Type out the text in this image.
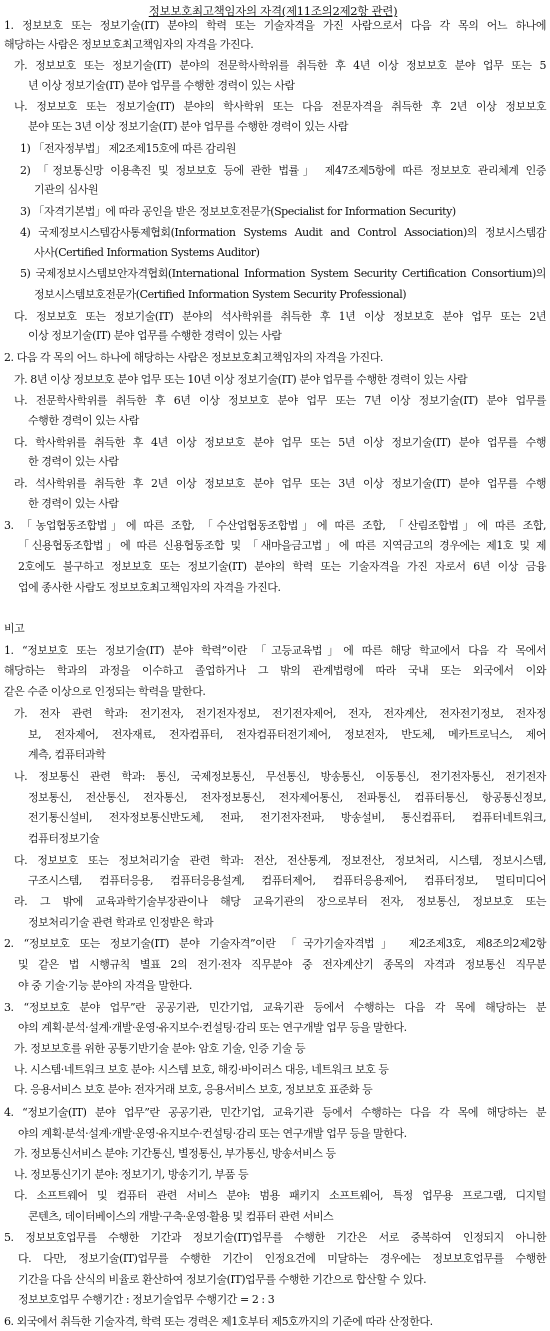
정보보호최고책임자의 자격(제11조의2제2항 관련)
1. 정보보호 또는 정보기술(IT) 분야의 학력 또는 기술자격을 가진 사람으로서 다음 각 목의 어느 하나에
해당하는 사람은 정보보호최고책임자의 자격을 가진다.
가. 정보보호 또는 정보기술(IT) 분야의 전문학사학위를 취득한 후 4년 이상 정보보호 분야 업무 또는 5
년 이상 정보기술(IT) 분야 업무를 수행한 경력이 있는 사람
나. 정보보호 또는 정보기술(IT) 분야의 학사학위 또는 다음 전문자격을 취득한 후 2년 이상 정보보호
분야 또는 3년 이상 정보기술(IT) 분야 업무를 수행한 경력이 있는 사람
1) 「전자정부법」 제2조제15호에 따른 감리원
2) 「정보통신망 이용촉진 및 정보보호 등에 관한 법률」 제47조제5항에 따른 정보보호 관리체계 인증
기관의 심사원
3) 「자격기본법」에 따라 공인을 받은 정보보호전문가(Specialist for Information Security)
4) 국제정보시스템감사통제협회(Information Systems Audit and Control Association)의 정보시스템감
사사(Certified Information Systems Auditor)
5) 국제정보시스템보안자격협회(International Information System Security Certification Consortium)의
정보시스템보호전문가(Certified Information System Security Professional)
다. 정보보호 또는 정보기술(IT) 분야의 석사학위를 취득한 후 1년 이상 정보보호 분야 업무 또는 2년
이상 정보기술(IT) 분야 업무를 수행한 경력이 있는 사람
2. 다음 각 목의 어느 하나에 해당하는 사람은 정보보호최고책임자의 자격을 가진다.
가. 8년 이상 정보보호 분야 업무 또는 10년 이상 정보기술(IT) 분야 업무를 수행한 경력이 있는 사람
나. 전문학사학위를 취득한 후 6년 이상 정보보호 분야 업무 또는 7년 이상 정보기술(IT) 분야 업무를
수행한 경력이 있는 사람
다. 학사학위를 취득한 후 4년 이상 정보보호 분야 업무 또는 5년 이상 정보기술(IT) 분야 업무를 수행
한 경력이 있는 사람
라. 석사학위를 취득한 후 2년 이상 정보보호 분야 업무 또는 3년 이상 정보기술(IT) 분야 업무를 수행
한 경력이 있는 사람
3. 「농업협동조합법」에 따른 조합, 「수산업협동조합법」에 따른 조합, 「산림조합법」에 따른 조합,
「신용협동조합법」에 따른 신용협동조합 및 「새마을금고법」에 따른 지역금고의 경우에는 제1호 및 제
2호에도 불구하고 정보보호 또는 정보기술(IT) 분야의 학력 또는 기술자격을 가진 자로서 6년 이상 금융
업에 종사한 사람도 정보보호최고책임자의 자격을 가진다.
비고
1. “정보보호 또는 정보기술(IT) 분야 학력”이란 「고등교육법」에 따른 해당 학교에서 다음 각 목에서
해당하는 학과의 과정을 이수하고 졸업하거나 그 밖의 관계법령에 따라 국내 또는 외국에서 이와
같은 수준 이상으로 인정되는 학력을 말한다.
가. 전자 관련 학과: 전기전자, 전기전자정보, 전기전자제어, 전자, 전자계산, 전자전기정보, 전자정
보, 전자제어, 전자재료, 전자컴퓨터, 전자컴퓨터전기제어, 정보전자, 반도체, 메카트로닉스, 제어
계측, 컴퓨터과학
나. 정보통신 관련 학과: 통신, 국제정보통신, 무선통신, 방송통신, 이동통신, 전기전자통신, 전기전자
정보통신, 전산통신, 전자통신, 전자정보통신, 전자제어통신, 전파통신, 컴퓨터통신, 항공통신정보,
전기통신설비, 전자정보통신반도체, 전파, 전기전자전파, 방송설비, 통신컴퓨터, 컴퓨터네트워크,
컴퓨터정보기술
다. 정보보호 또는 정보처리기술 관련 학과: 전산, 전산통계, 정보전산, 정보처리, 시스템, 정보시스템,
구조시스템, 컴퓨터응용, 컴퓨터응용설계, 컴퓨터제어, 컴퓨터응용제어, 컴퓨터정보, 멀티미디어
라. 그 밖에 교육과학기술부장관이나 해당 교육기관의 장으로부터 전자, 정보통신, 정보보호 또는
정보처리기술 관련 학과로 인정받은 학과
2. “정보보호 또는 정보기술(IT) 분야 기술자격”이란 「국가기술자격법」 제2조제3호, 제8조의2제2항
및 같은 법 시행규칙 별표 2의 전기·전자 직무분야 중 전자계산기 종목의 자격과 정보통신 직무분
야 중 기술·기능 분야의 자격을 말한다.
3. “정보보호 분야 업무”란 공공기관, 민간기업, 교육기관 등에서 수행하는 다음 각 목에 해당하는 분
야의 계획·분석·설계·개발·운영·유지보수·컨설팅·감리 또는 연구개발 업무 등을 말한다.
가. 정보보호를 위한 공통기반기술 분야: 암호 기술, 인증 기술 등
나. 시스템·네트워크 보호 분야: 시스템 보호, 해킹·바이러스 대응, 네트워크 보호 등
다. 응용서비스 보호 분야: 전자거래 보호, 응용서비스 보호, 정보보호 표준화 등
4. “정보기술(IT) 분야 업무”란 공공기관, 민간기업, 교육기관 등에서 수행하는 다음 각 목에 해당하는 분
야의 계획·분석·설계·개발·운영·유지보수·컨설팅·감리 또는 연구개발 업무 등을 말한다.
가. 정보통신서비스 분야: 기간통신, 별정통신, 부가통신, 방송서비스 등
나. 정보통신기기 분야: 정보기기, 방송기기, 부품 등
다. 소프트웨어 및 컴퓨터 관련 서비스 분야: 범용 패키지 소프트웨어, 특정 업무용 프로그램, 디지털
콘텐츠, 데이터베이스의 개발·구축·운영·활용 및 컴퓨터 관련 서비스
5. 정보보호업무를 수행한 기간과 정보기술(IT)업무를 수행한 기간은 서로 중복하여 인정되지 아니한
다. 다만, 정보기술(IT)업무를 수행한 기간이 인정요건에 미달하는 경우에는 정보보호업무를 수행한
기간을 다음 산식의 비율로 환산하여 정보기술(IT)업무를 수행한 기간으로 합산할 수 있다.
정보보호업무 수행기간 : 정보기술업무 수행기간 = 2 : 3
6. 외국에서 취득한 기술자격, 학력 또는 경력은 제1호부터 제5호까지의 기준에 따라 산정한다.
